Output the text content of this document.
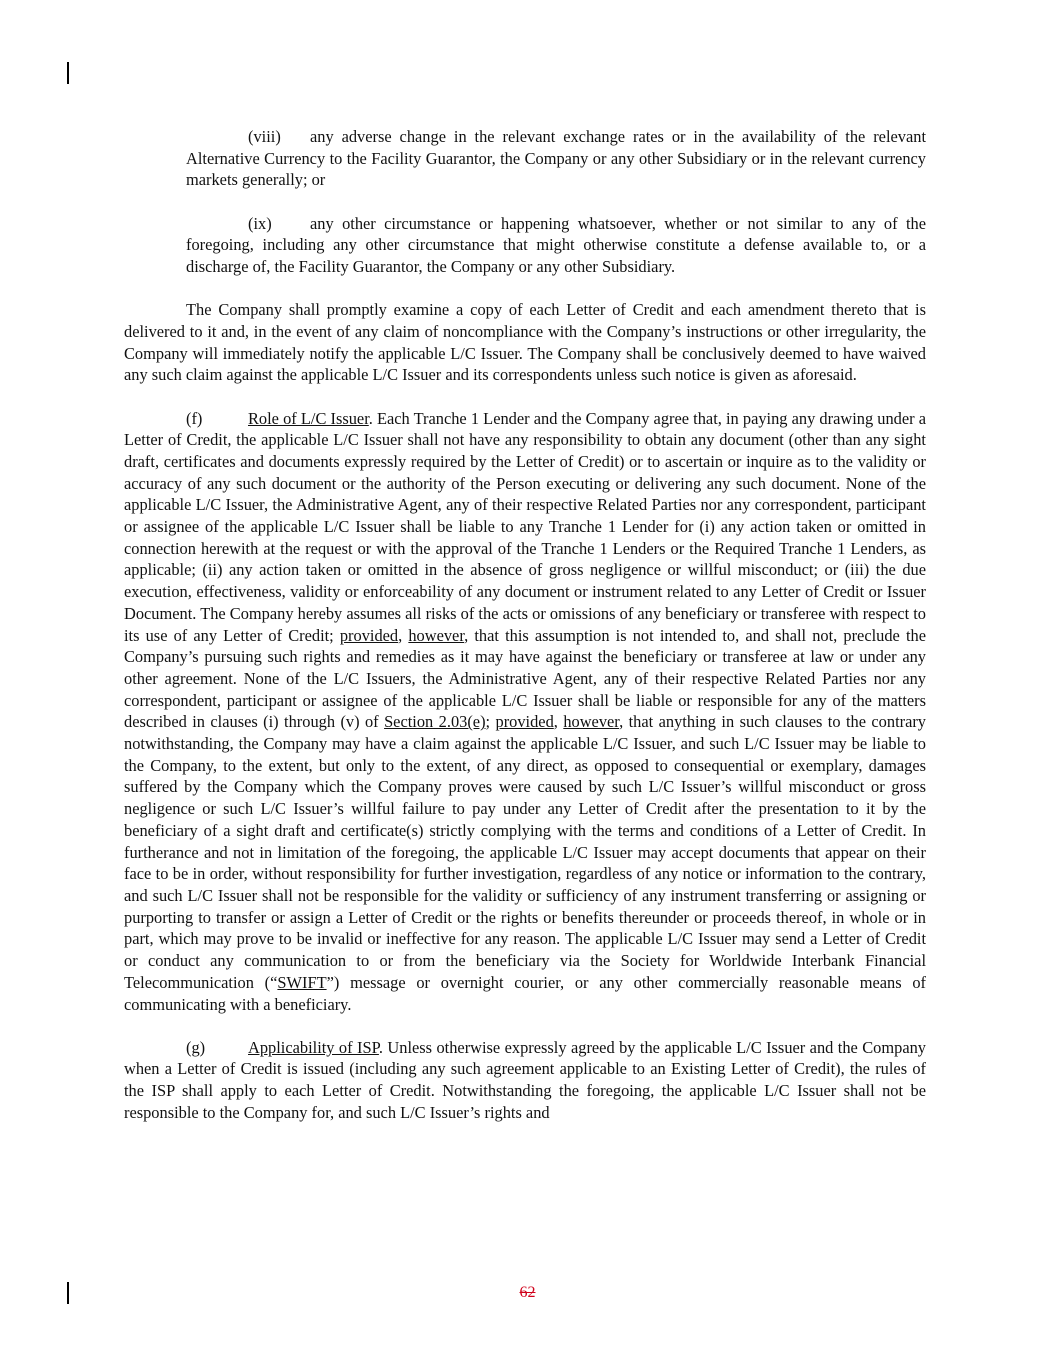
(viii) any adverse change in the relevant exchange rates or in the availability of the relevant Alternative Currency to the Facility Guarantor, the Company or any other Subsidiary or in the relevant currency markets generally; or

(ix) any other circumstance or happening whatsoever, whether or not similar to any of the foregoing, including any other circumstance that might otherwise constitute a defense available to, or a discharge of, the Facility Guarantor, the Company or any other Subsidiary.

The Company shall promptly examine a copy of each Letter of Credit and each amendment thereto that is delivered to it and, in the event of any claim of noncompliance with the Company’s instructions or other irregularity, the Company will immediately notify the applicable L/C Issuer. The Company shall be conclusively deemed to have waived any such claim against the applicable L/C Issuer and its correspondents unless such notice is given as aforesaid.

(f)	Role of L/C Issuer. Each Tranche 1 Lender and the Company agree that, in paying any drawing under a Letter of Credit, the applicable L/C Issuer shall not have any responsibility to obtain any document (other than any sight draft, certificates and documents expressly required by the Letter of Credit) or to ascertain or inquire as to the validity or accuracy of any such document or the authority of the Person executing or delivering any such document. None of the applicable L/C Issuer, the Administrative Agent, any of their respective Related Parties nor any correspondent, participant or assignee of the applicable L/C Issuer shall be liable to any Tranche 1 Lender for (i) any action taken or omitted in connection herewith at the request or with the approval of the Tranche 1 Lenders or the Required Tranche 1 Lenders, as applicable; (ii) any action taken or omitted in the absence of gross negligence or willful misconduct; or (iii) the due execution, effectiveness, validity or enforceability of any document or instrument related to any Letter of Credit or Issuer Document. The Company hereby assumes all risks of the acts or omissions of any beneficiary or transferee with respect to its use of any Letter of Credit; provided, however, that this assumption is not intended to, and shall not, preclude the Company’s pursuing such rights and remedies as it may have against the beneficiary or transferee at law or under any other agreement. None of the L/C Issuers, the Administrative Agent, any of their respective Related Parties nor any correspondent, participant or assignee of the applicable L/C Issuer shall be liable or responsible for any of the matters described in clauses (i) through (v) of Section 2.03(e); provided, however, that anything in such clauses to the contrary notwithstanding, the Company may have a claim against the applicable L/C Issuer, and such L/C Issuer may be liable to the Company, to the extent, but only to the extent, of any direct, as opposed to consequential or exemplary, damages suffered by the Company which the Company proves were caused by such L/C Issuer’s willful misconduct or gross negligence or such L/C Issuer’s willful failure to pay under any Letter of Credit after the presentation to it by the beneficiary of a sight draft and certificate(s) strictly complying with the terms and conditions of a Letter of Credit. In furtherance and not in limitation of the foregoing, the applicable L/C Issuer may accept documents that appear on their face to be in order, without responsibility for further investigation, regardless of any notice or information to the contrary, and such L/C Issuer shall not be responsible for the validity or sufficiency of any instrument transferring or assigning or purporting to transfer or assign a Letter of Credit or the rights or benefits thereunder or proceeds thereof, in whole or in part, which may prove to be invalid or ineffective for any reason. The applicable L/C Issuer may send a Letter of Credit or conduct any communication to or from the beneficiary via the Society for Worldwide Interbank Financial Telecommunication (“SWIFT”) message or overnight courier, or any other commercially reasonable means of communicating with a beneficiary.

(g)	Applicability of ISP. Unless otherwise expressly agreed by the applicable L/C Issuer and the Company when a Letter of Credit is issued (including any such agreement applicable to an Existing Letter of Credit), the rules of the ISP shall apply to each Letter of Credit. Notwithstanding the foregoing, the applicable L/C Issuer shall not be responsible to the Company for, and such L/C Issuer’s rights and

62
